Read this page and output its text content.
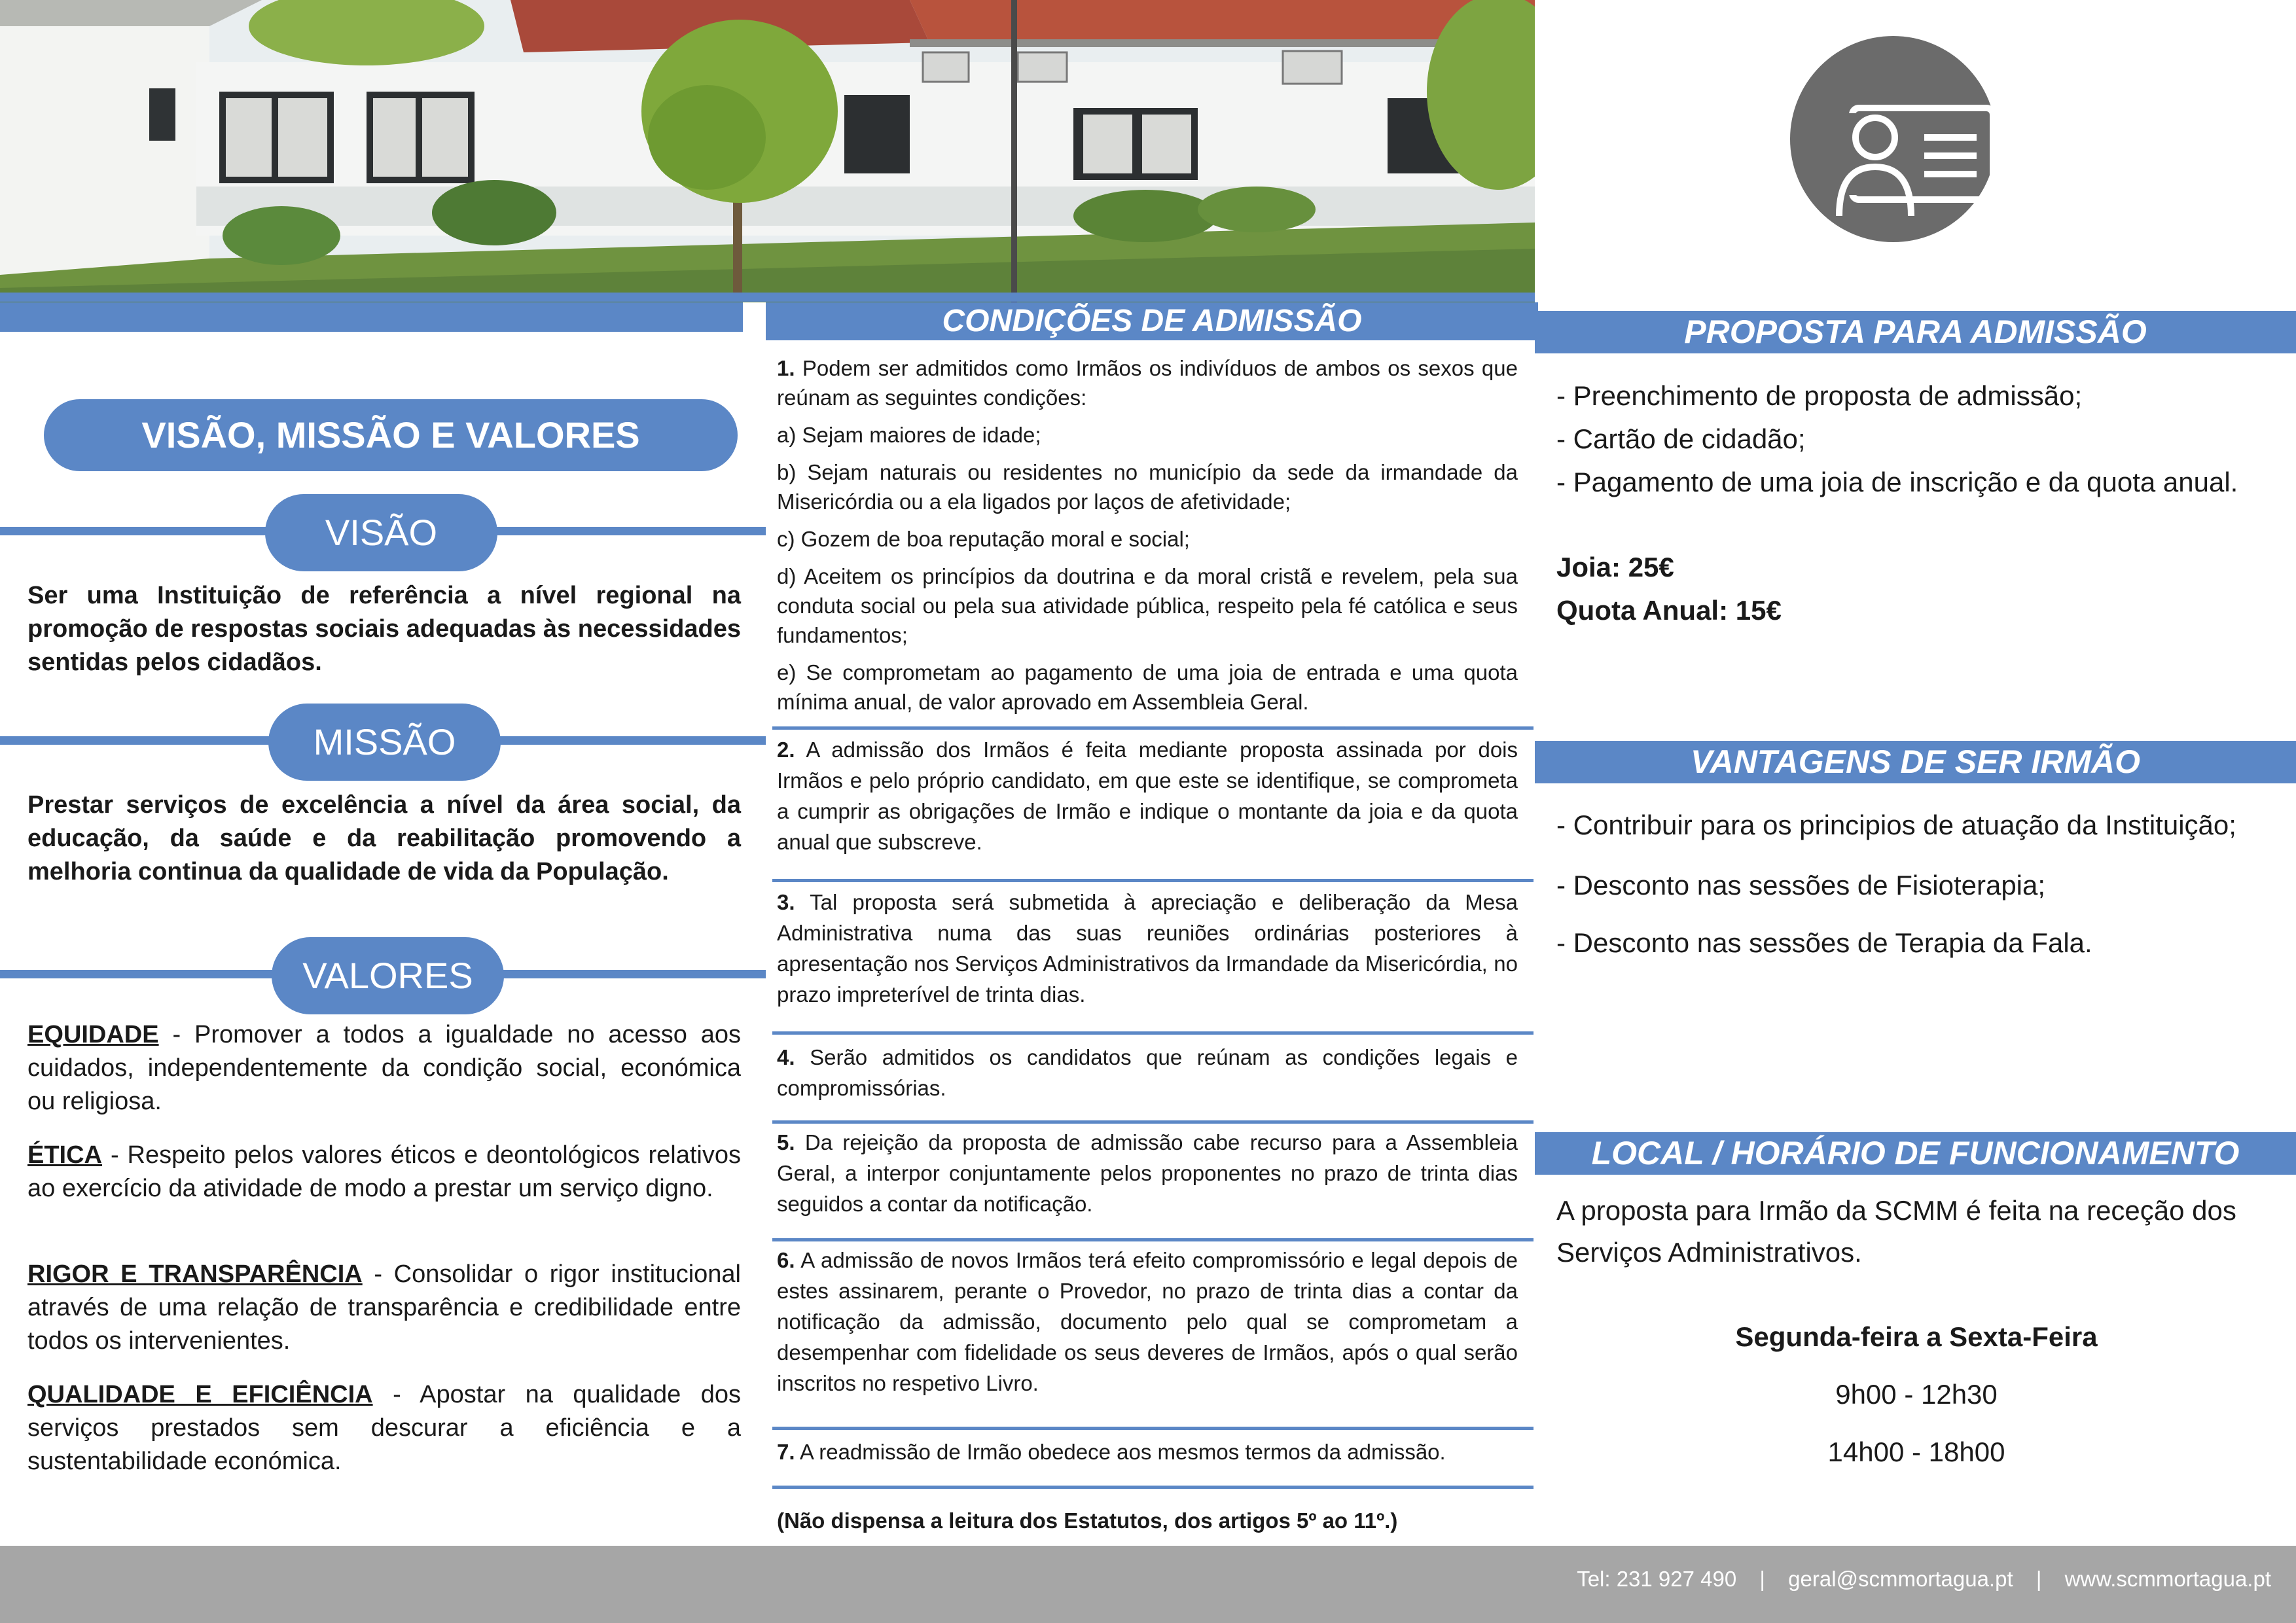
CONDIÇÕES DE ADMISSÃO	PROPOSTA PARA ADMISSÃO
VISÃO, MISSÃO E VALORES
VISÃO
Ser uma Instituição de referência a nível regional na promoção de respostas sociais adequadas às necessidades sentidas pelos cidadãos.
MISSÃO
Prestar serviços de excelência a nível da área social, da educação, da saúde e da reabilitação promovendo a melhoria continua da qualidade de vida da População.
VALORES
EQUIDADE - Promover a todos a igualdade no acesso aos cuidados, independentemente da condição social, económica ou religiosa.
ÉTICA - Respeito pelos valores éticos e deontológicos relativos ao exercício da atividade de modo a prestar um serviço digno.
RIGOR E TRANSPARÊNCIA - Consolidar o rigor institucional através de uma relação de transparência e credibilidade entre todos os intervenientes.
QUALIDADE E EFICIÊNCIA - Apostar na qualidade dos serviços prestados sem descurar a eficiência e a sustentabilidade económica.
1. Podem ser admitidos como Irmãos os indivíduos de ambos os sexos que reúnam as seguintes condições:
a) Sejam maiores de idade;
b) Sejam naturais ou residentes no município da sede da irmandade da Misericórdia ou a ela ligados por laços de afetividade;
c) Gozem de boa reputação moral e social;
d) Aceitem os princípios da doutrina e da moral cristã e revelem, pela sua conduta social ou pela sua atividade pública, respeito pela fé católica e seus fundamentos;
e) Se comprometam ao pagamento de uma joia de entrada e uma quota mínima anual, de valor aprovado em Assembleia Geral.
2. A admissão dos Irmãos é feita mediante proposta assinada por dois Irmãos e pelo próprio candidato, em que este se identifique, se comprometa a cumprir as obrigações de Irmão e indique o montante da joia e da quota anual que subscreve.
3. Tal proposta será submetida à apreciação e deliberação da Mesa Administrativa numa das suas reuniões ordinárias posteriores à apresentação nos Serviços Administrativos da Irmandade da Misericórdia, no prazo impreterível de trinta dias.
4. Serão admitidos os candidatos que reúnam as condições legais e compromissórias.
5. Da rejeição da proposta de admissão cabe recurso para a Assembleia Geral, a interpor conjuntamente pelos proponentes no prazo de trinta dias seguidos a contar da notificação.
6. A admissão de novos Irmãos terá efeito compromissório e legal depois de estes assinarem, perante o Provedor, no prazo de trinta dias a contar da notificação da admissão, documento pelo qual se comprometam a desempenhar com fidelidade os seus deveres de Irmãos, após o qual serão inscritos no respetivo Livro.
7. A readmissão de Irmão obedece aos mesmos termos da admissão.
(Não dispensa a leitura dos Estatutos, dos artigos 5º ao 11º.)
- Preenchimento de proposta de admissão;
- Cartão de cidadão;
- Pagamento de uma joia de inscrição e da quota anual.
Joia: 25€
Quota Anual: 15€
VANTAGENS DE SER IRMÃO
- Contribuir para os principios de atuação da Instituição;
- Desconto nas sessões de Fisioterapia;
- Desconto nas sessões de Terapia da Fala.
LOCAL / HORÁRIO DE FUNCIONAMENTO
A proposta para Irmão da SCMM é feita na receção dos Serviços Administrativos.
Segunda-feira a Sexta-Feira
9h00 - 12h30
14h00 - 18h00
Tel: 231 927 490 | geral@scmmortagua.pt | www.scmmortagua.pt
